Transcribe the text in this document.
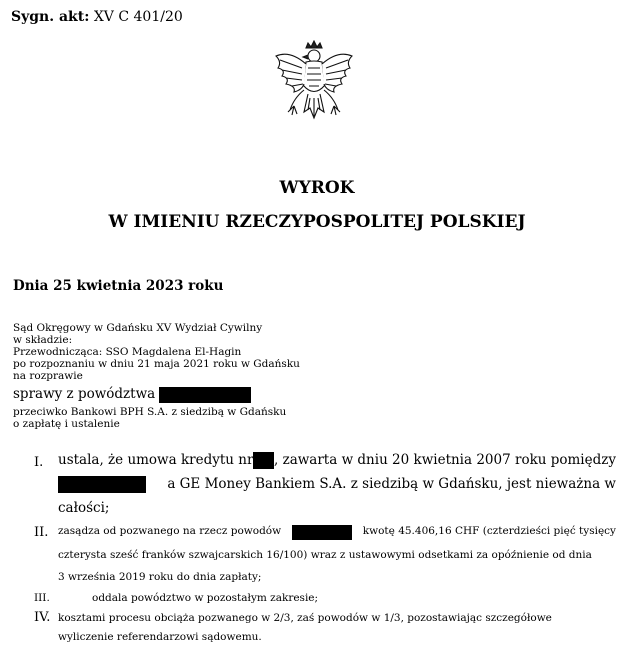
Sygn. akt: XV C 401/20
WYROK
W IMIENIU RZECZYPOSPOLITEJ POLSKIEJ
Dnia 25 kwietnia 2023 roku
Sąd Okręgowy w Gdańsku XV Wydział Cywilny
w składzie:
Przewodnicząca: SSO Magdalena El-Hagin
po rozpoznaniu w dniu 21 maja 2021 roku w Gdańsku
na rozprawie
sprawy z powództwa
przeciwko Bankowi BPH S.A. z siedzibą w Gdańsku
o zapłatę i ustalenie
I. ustala, że umowa kredytu nr , zawarta w dniu 20 kwietnia 2007 roku pomiędzy
a GE Money Bankiem S.A. z siedzibą w Gdańsku, jest nieważna w
całości;
II. zasądza od pozwanego na rzecz powodów	kwotę 45.406,16 CHF (czterdzieści pięć tysięcy
czterysta sześć franków szwajcarskich 16/100) wraz z ustawowymi odsetkami za opóźnienie od dnia
3 września 2019 roku do dnia zapłaty;
III.	oddala powództwo w pozostałym zakresie;
IV. kosztami procesu obciąża pozwanego w 2/3, zaś powodów w 1/3, pozostawiając szczegółowe
wyliczenie referendarzowi sądowemu.
